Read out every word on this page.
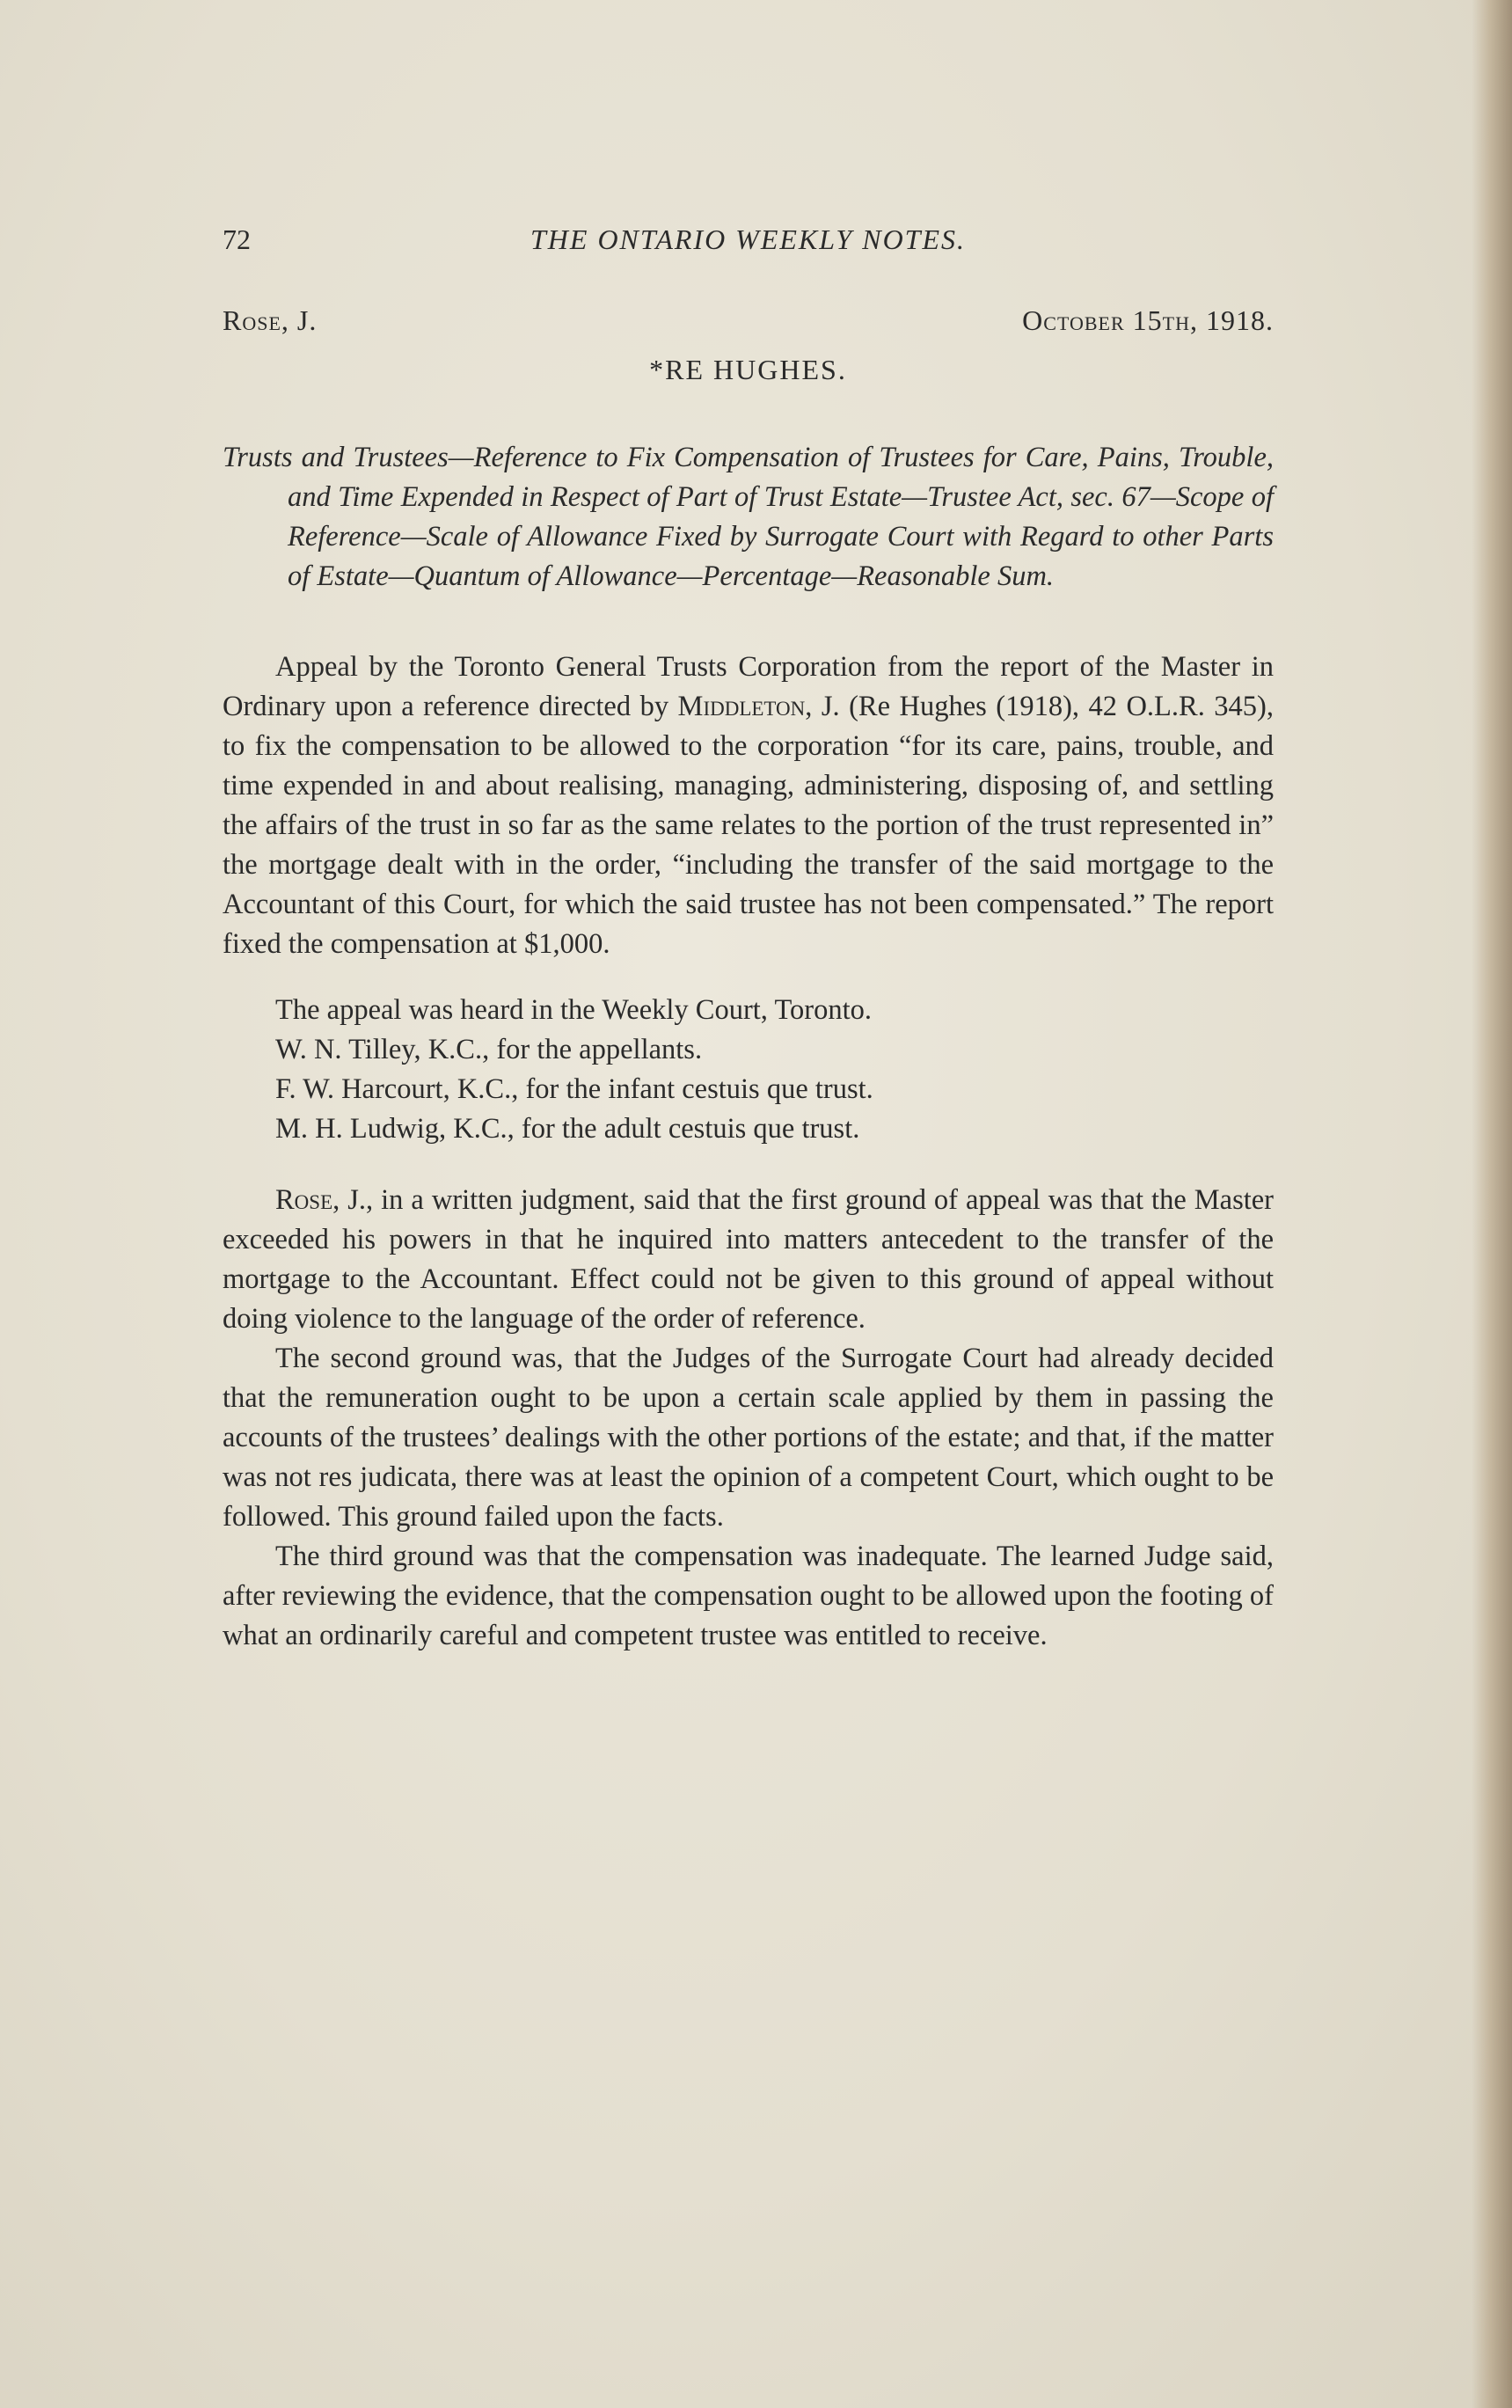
72	THE ONTARIO WEEKLY NOTES.
Rose, J.	October 15th, 1918.
*RE HUGHES.

Trusts and Trustees—Reference to Fix Compensation of Trustees for Care, Pains, Trouble, and Time Expended in Respect of Part of Trust Estate—Trustee Act, sec. 67—Scope of Reference—Scale of Allowance Fixed by Surrogate Court with Regard to other Parts of Estate—Quantum of Allowance—Percentage—Reasonable Sum.

Appeal by the Toronto General Trusts Corporation from the report of the Master in Ordinary upon a reference directed by Middleton, J. (Re Hughes (1918), 42 O.L.R. 345), to fix the compensation to be allowed to the corporation “for its care, pains, trouble, and time expended in and about realising, managing, administering, disposing of, and settling the affairs of the trust in so far as the same relates to the portion of the trust represented in” the mortgage dealt with in the order, “including the transfer of the said mortgage to the Accountant of this Court, for which the said trustee has not been compensated.” The report fixed the compensation at $1,000.

The appeal was heard in the Weekly Court, Toronto.
W. N. Tilley, K.C., for the appellants.
F. W. Harcourt, K.C., for the infant cestuis que trust.
M. H. Ludwig, K.C., for the adult cestuis que trust.

Rose, J., in a written judgment, said that the first ground of appeal was that the Master exceeded his powers in that he inquired into matters antecedent to the transfer of the mortgage to the Accountant. Effect could not be given to this ground of appeal without doing violence to the language of the order of reference.

The second ground was, that the Judges of the Surrogate Court had already decided that the remuneration ought to be upon a certain scale applied by them in passing the accounts of the trustees’ dealings with the other portions of the estate; and that, if the matter was not res judicata, there was at least the opinion of a competent Court, which ought to be followed. This ground failed upon the facts.

The third ground was that the compensation was inadequate. The learned Judge said, after reviewing the evidence, that the compensation ought to be allowed upon the footing of what an ordinarily careful and competent trustee was entitled to receive.
